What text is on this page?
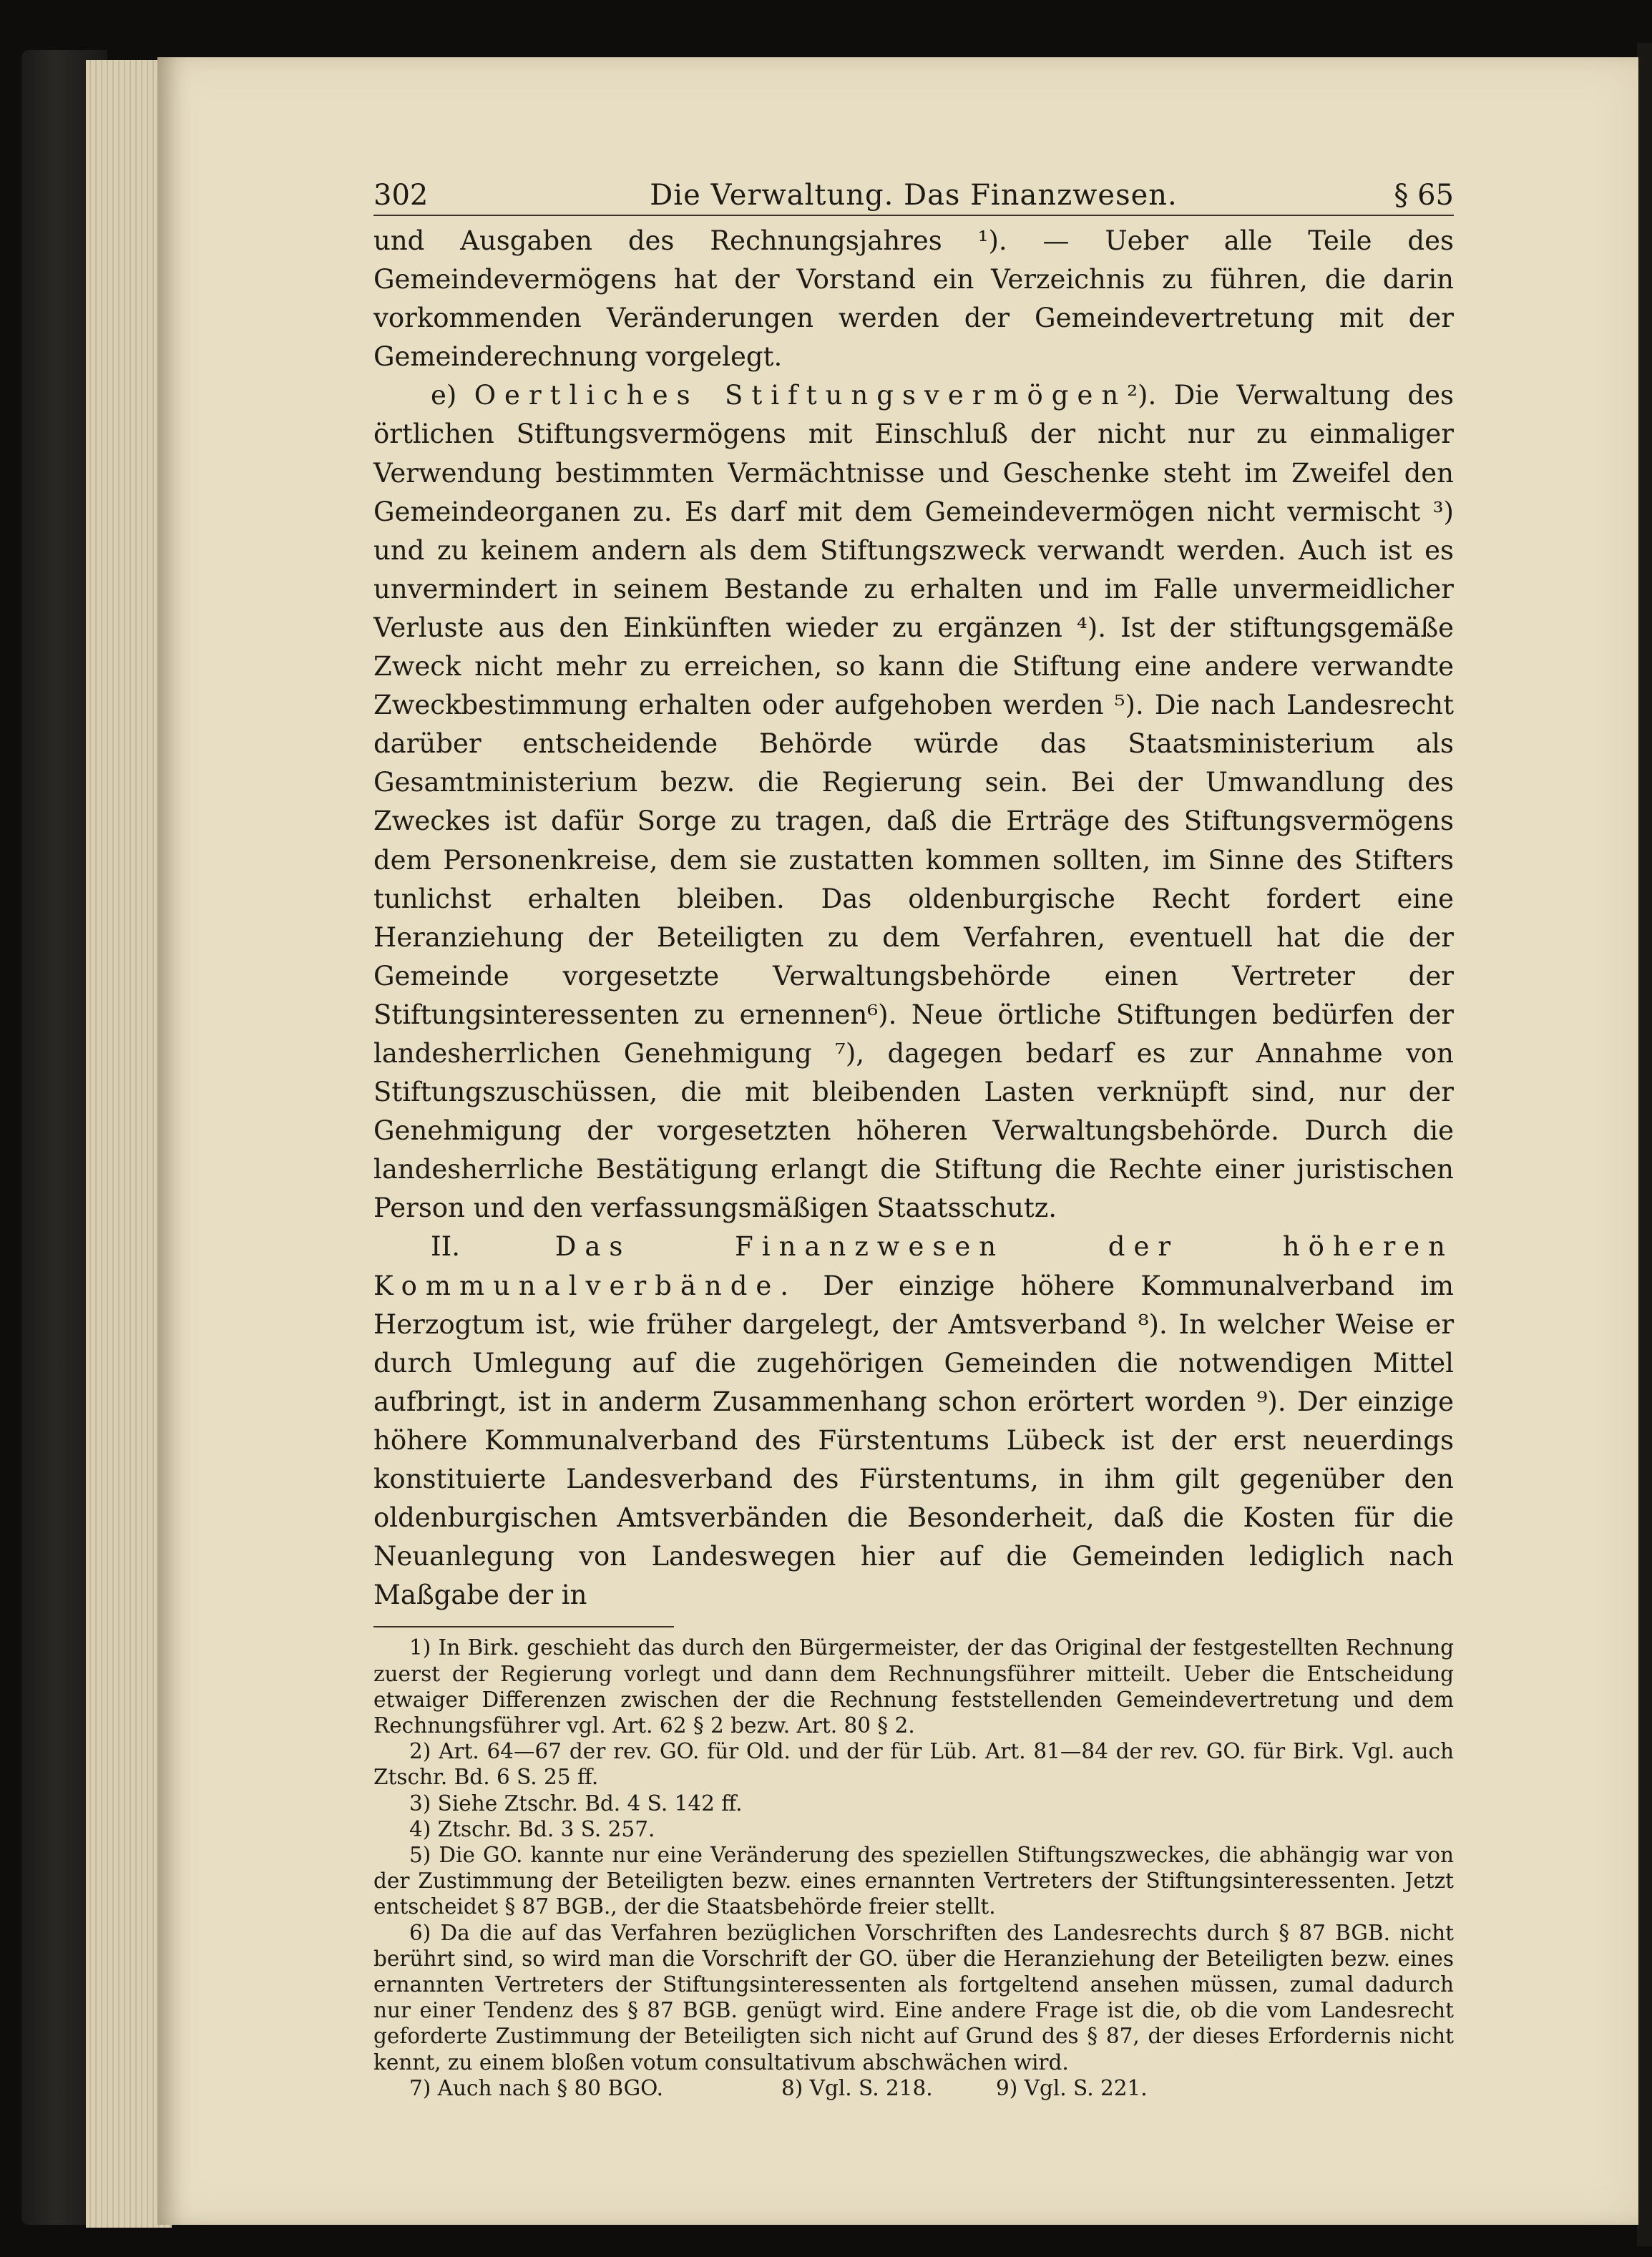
302	Die Verwaltung. Das Finanzwesen.	§ 65

und Ausgaben des Rechnungsjahres ¹). — Ueber alle Teile des Gemeindevermögens hat der Vorstand ein Verzeichnis zu führen, die darin vorkommenden Veränderungen werden der Gemeindevertretung mit der Gemeinderechnung vorgelegt.

e) Oertliches Stiftungsvermögen²). Die Verwaltung des örtlichen Stiftungsvermögens mit Einschluß der nicht nur zu einmaliger Verwendung bestimmten Vermächtnisse und Geschenke steht im Zweifel den Gemeindeorganen zu. Es darf mit dem Gemeindevermögen nicht vermischt ³) und zu keinem andern als dem Stiftungszweck verwandt werden. Auch ist es unvermindert in seinem Bestande zu erhalten und im Falle unvermeidlicher Verluste aus den Einkünften wieder zu ergänzen ⁴). Ist der stiftungsgemäße Zweck nicht mehr zu erreichen, so kann die Stiftung eine andere verwandte Zweckbestimmung erhalten oder aufgehoben werden ⁵). Die nach Landesrecht darüber entscheidende Behörde würde das Staatsministerium als Gesamtministerium bezw. die Regierung sein. Bei der Umwandlung des Zweckes ist dafür Sorge zu tragen, daß die Erträge des Stiftungsvermögens dem Personenkreise, dem sie zustatten kommen sollten, im Sinne des Stifters tunlichst erhalten bleiben. Das oldenburgische Recht fordert eine Heranziehung der Beteiligten zu dem Verfahren, eventuell hat die der Gemeinde vorgesetzte Verwaltungsbehörde einen Vertreter der Stiftungsinteressenten zu ernennen⁶). Neue örtliche Stiftungen bedürfen der landesherrlichen Genehmigung ⁷), dagegen bedarf es zur Annahme von Stiftungszuschüssen, die mit bleibenden Lasten verknüpft sind, nur der Genehmigung der vorgesetzten höheren Verwaltungsbehörde. Durch die landesherrliche Bestätigung erlangt die Stiftung die Rechte einer juristischen Person und den verfassungsmäßigen Staatsschutz.

II. Das Finanzwesen der höheren Kommunalverbände. Der einzige höhere Kommunalverband im Herzogtum ist, wie früher dargelegt, der Amtsverband ⁸). In welcher Weise er durch Umlegung auf die zugehörigen Gemeinden die notwendigen Mittel aufbringt, ist in anderm Zusammenhang schon erörtert worden ⁹). Der einzige höhere Kommunalverband des Fürstentums Lübeck ist der erst neuerdings konstituierte Landesverband des Fürstentums, in ihm gilt gegenüber den oldenburgischen Amtsverbänden die Besonderheit, daß die Kosten für die Neuanlegung von Landeswegen hier auf die Gemeinden lediglich nach Maßgabe der in

1) In Birk. geschieht das durch den Bürgermeister, der das Original der festgestellten Rechnung zuerst der Regierung vorlegt und dann dem Rechnungsführer mitteilt. Ueber die Entscheidung etwaiger Differenzen zwischen der die Rechnung feststellenden Gemeindevertretung und dem Rechnungsführer vgl. Art. 62 § 2 bezw. Art. 80 § 2.

2) Art. 64—67 der rev. GO. für Old. und der für Lüb. Art. 81—84 der rev. GO. für Birk. Vgl. auch Ztschr. Bd. 6 S. 25 ff.

3) Siehe Ztschr. Bd. 4 S. 142 ff.

4) Ztschr. Bd. 3 S. 257.

5) Die GO. kannte nur eine Veränderung des speziellen Stiftungszweckes, die abhängig war von der Zustimmung der Beteiligten bezw. eines ernannten Vertreters der Stiftungsinteressenten. Jetzt entscheidet § 87 BGB., der die Staatsbehörde freier stellt.

6) Da die auf das Verfahren bezüglichen Vorschriften des Landesrechts durch § 87 BGB. nicht berührt sind, so wird man die Vorschrift der GO. über die Heranziehung der Beteiligten bezw. eines ernannten Vertreters der Stiftungsinteressenten als fortgeltend ansehen müssen, zumal dadurch nur einer Tendenz des § 87 BGB. genügt wird. Eine andere Frage ist die, ob die vom Landesrecht geforderte Zustimmung der Beteiligten sich nicht auf Grund des § 87, der dieses Erfordernis nicht kennt, zu einem bloßen votum consultativum abschwächen wird.

7) Auch nach § 80 BGO.	8) Vgl. S. 218.	9) Vgl. S. 221.
